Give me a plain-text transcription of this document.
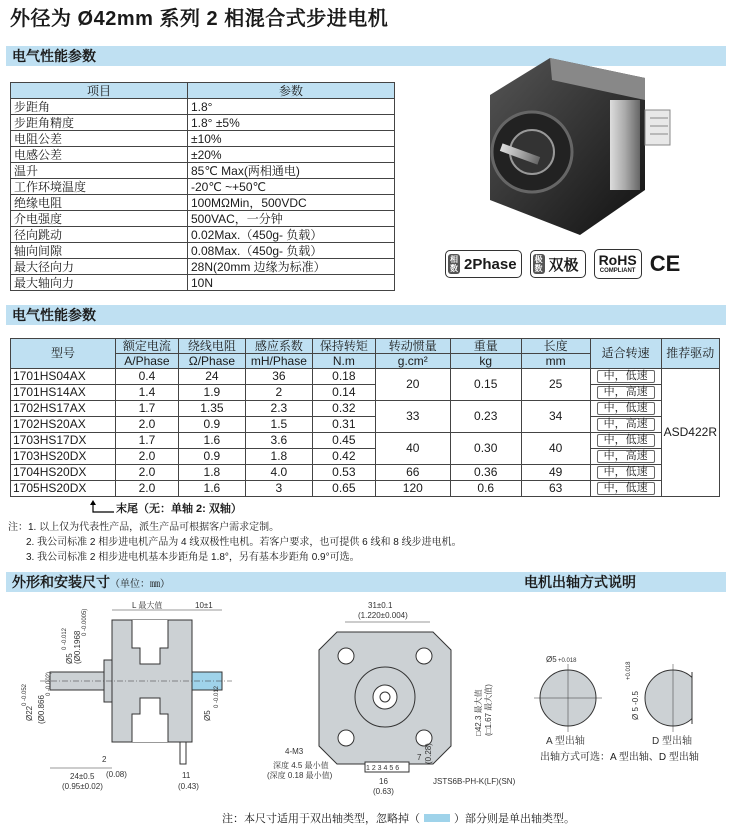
外径为 Ø42mm 系列 2 相混合式步进电机
电气性能参数
项目	参数
步距角	1.8°
步距角精度	1.8° ±5%
电阻公差	±10%
电感公差	±20%
温升	85℃ Max(两相通电)
工作环境温度	-20℃ ~+50℃
绝缘电阻	100MΩMin，500VDC
介电强度	500VAC，一分钟
径向跳动	0.02Max.（450g- 负载）
轴向间隙	0.08Max.（450g- 负载）
最大径向力	28N(20mm 边缘为标准）
最大轴向力	10N
相
数 2Phase	极
数 双极	RoHS
COMPLIANT CE
电气性能参数
型号	额定电流	绕线电阻	感应系数	保持转矩	转动惯量	重量	长度	适合转速	推荐驱动
	A/Phase	Ω/Phase	mH/Phase	N.m	g.cm²	kg	mm		
1701HS04AX	0.4	24	36	0.18	20	0.15	25	中，低速	ASD422R
1701HS14AX	1.4	1.9	2	0.14				中，高速	

1702HS17AX	1.7	1.35	2.3	0.32	33	0.23	34	中，低速	

1702HS20AX	2.0	0.9	1.5	0.31				中，高速	

1703HS17DX	1.7	1.6	3.6	0.45	40	0.30	40	中，低速	

1703HS20DX	2.0	0.9	1.8	0.42				中，高速	

1704HS20DX	2.0	1.8	4.0	0.53	66	0.36	49	中，低速	

1705HS20DX	2.0	1.6	3	0.65	120	0.6	63	中，低速	
末尾（无：单轴 2: 双轴）
注：1. 以上仅为代表性产品，派生产品可根据客户需求定制。
2. 我公司标准 2 相步进电机产品为 4 线双极性电机。若客户要求，也可提供 6 线和 8 线步进电机。
3. 我公司标准 2 相步进电机基本步距角是 1.8°，另有基本步距角 0.9°可选。
外形和安装尺寸（单位：㎜）	电机出轴方式说明
L 最大值	10±1
Ø22
0 -0.052
(Ø0.866
0 -0.002)
Ø5
0 -0.012 (Ø0.1968
0 -0.0005)
Ø5
0 -0.012
2
(0.08)
24±0.5
(0.95±0.02)
11
(0.43)
31±0.1
(1.220±0.004)
1 2 3 4 5 6
□42.3 最大值 (□1.67 最大值)
4-M3
深度 4.5 最小值
(深度 0.18 最小值)
7 (0.28)
16
(0.63)
JSTS6B-PH-K(LF)(SN)
Ø5 +0.018
Ø 5 -0.5
+0.018
A 型出轴	D 型出轴
出轴方式可选：A 型出轴、D 型出轴
注：本尺寸适用于双出轴类型，忽略掉（	）部分则是单出轴类型。
